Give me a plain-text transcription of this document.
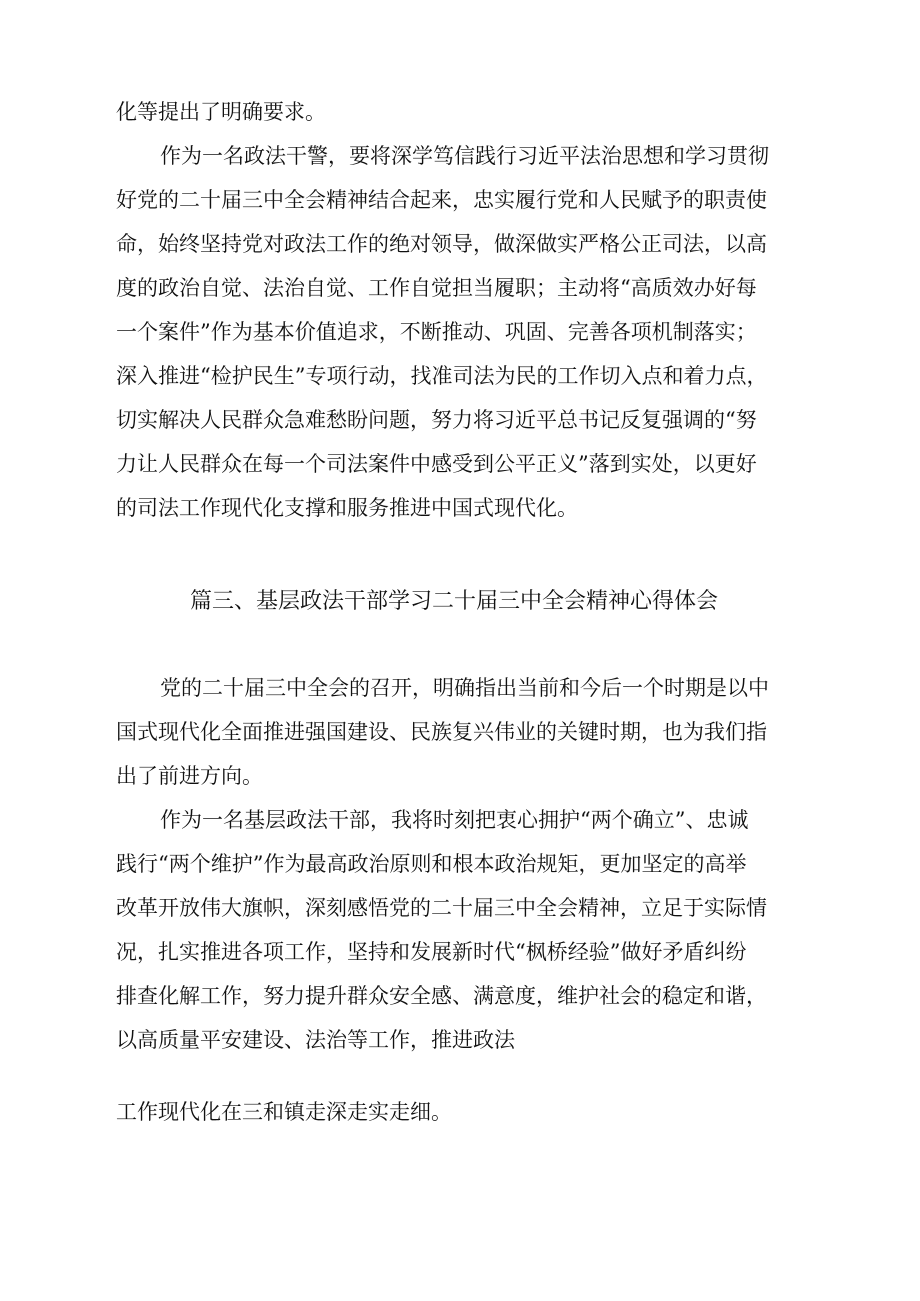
化等提出了明确要求。
作为一名政法干警，要将深学笃信践行习近平法治思想和学习贯彻
好党的二十届三中全会精神结合起来，忠实履行党和人民赋予的职责使
命，始终坚持党对政法工作的绝对领导，做深做实严格公正司法，以高
度的政治自觉、法治自觉、工作自觉担当履职；主动将“高质效办好每
一个案件”作为基本价值追求，不断推动、巩固、完善各项机制落实；
深入推进“检护民生”专项行动，找准司法为民的工作切入点和着力点，
切实解决人民群众急难愁盼问题，努力将习近平总书记反复强调的“努
力让人民群众在每一个司法案件中感受到公平正义”落到实处，以更好
的司法工作现代化支撑和服务推进中国式现代化。
篇三、基层政法干部学习二十届三中全会精神心得体会
党的二十届三中全会的召开，明确指出当前和今后一个时期是以中
国式现代化全面推进强国建设、民族复兴伟业的关键时期，也为我们指
出了前进方向。
作为一名基层政法干部，我将时刻把衷心拥护“两个确立”、忠诚
践行“两个维护”作为最高政治原则和根本政治规矩，更加坚定的高举
改革开放伟大旗帜，深刻感悟党的二十届三中全会精神，立足于实际情
况，扎实推进各项工作，坚持和发展新时代“枫桥经验”做好矛盾纠纷
排查化解工作，努力提升群众安全感、满意度，维护社会的稳定和谐，
以高质量平安建设、法治等工作，推进政法
工作现代化在三和镇走深走实走细。
